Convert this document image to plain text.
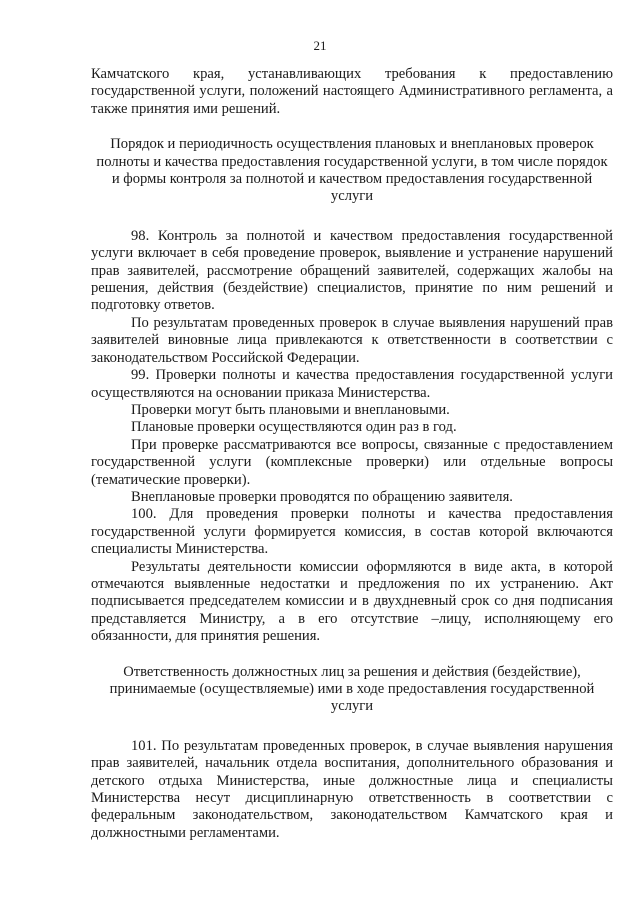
21

Камчатского края, устанавливающих требования к предоставлению государственной услуги, положений настоящего Административного регламента, а также принятия ими решений.

Порядок и периодичность осуществления плановых и внеплановых проверок полноты и качества предоставления государственной услуги, в том числе порядок и формы контроля за полнотой и качеством предоставления государственной услуги

98. Контроль за полнотой и качеством предоставления государственной услуги включает в себя проведение проверок, выявление и устранение нарушений прав заявителей, рассмотрение обращений заявителей, содержащих жалобы на решения, действия (бездействие) специалистов, принятие по ним решений и подготовку ответов.

По результатам проведенных проверок в случае выявления нарушений прав заявителей виновные лица привлекаются к ответственности в соответствии с законодательством Российской Федерации.

99. Проверки полноты и качества предоставления государственной услуги осуществляются на основании приказа Министерства.

Проверки могут быть плановыми и внеплановыми.

Плановые проверки осуществляются один раз в год.

При проверке рассматриваются все вопросы, связанные с предоставлением государственной услуги (комплексные проверки) или отдельные вопросы (тематические проверки).

Внеплановые проверки проводятся по обращению заявителя.

100. Для проведения проверки полноты и качества предоставления государственной услуги формируется комиссия, в состав которой включаются специалисты Министерства.

Результаты деятельности комиссии оформляются в виде акта, в которой отмечаются выявленные недостатки и предложения по их устранению. Акт подписывается председателем комиссии и в двухдневный срок со дня подписания представляется Министру, а в его отсутствие –лицу, исполняющему его обязанности, для принятия решения.

Ответственность должностных лиц за решения и действия (бездействие), принимаемые (осуществляемые) ими в ходе предоставления государственной услуги

101. По результатам проведенных проверок, в случае выявления нарушения прав заявителей, начальник отдела воспитания, дополнительного образования и детского отдыха Министерства, иные должностные лица и специалисты Министерства несут дисциплинарную ответственность в соответствии с федеральным законодательством, законодательством Камчатского края и должностными регламентами.
